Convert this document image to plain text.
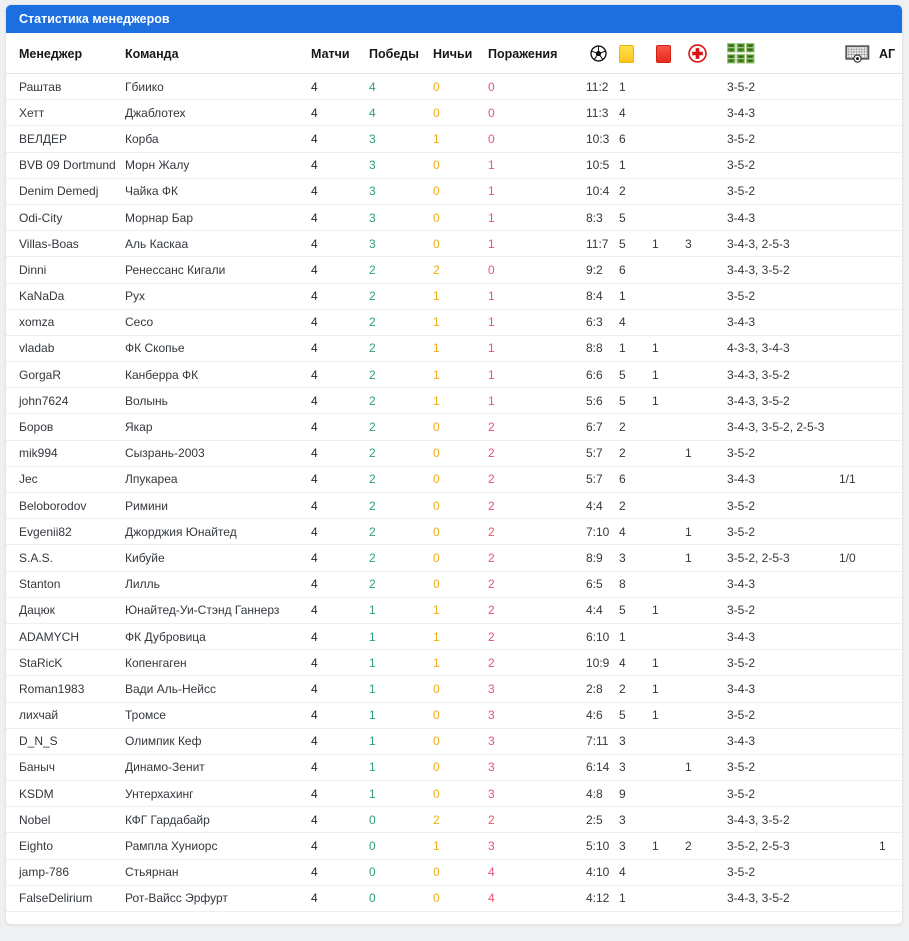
Статистика менеджеров
Менеджер	Команда	Матчи	Победы	Ничьи	Поражения							АГ
Раштав	Гбиико	4	4	0	0	11:2	1			3-5-2		
Хетт	Джаблотех	4	4	0	0	11:3	4			3-4-3		
ВЕЛДЕР	Корба	4	3	1	0	10:3	6			3-5-2		
BVB 09 Dortmund	Морн Жалу	4	3	0	1	10:5	1			3-5-2		
Denim Demedj	Чайка ФК	4	3	0	1	10:4	2			3-5-2		
Odi-City	Морнар Бар	4	3	0	1	8:3	5			3-4-3		
Villas-Boas	Аль Каскаа	4	3	0	1	11:7	5	1	3	3-4-3, 2-5-3		
Dinni	Ренессанс Кигали	4	2	2	0	9:2	6			3-4-3, 3-5-2		
KaNaDa	Рух	4	2	1	1	8:4	1			3-5-2		
xomza	Сесо	4	2	1	1	6:3	4			3-4-3		
vladab	ФК Скопье	4	2	1	1	8:8	1	1		4-3-3, 3-4-3		
GorgaR	Канберра ФК	4	2	1	1	6:6	5	1		3-4-3, 3-5-2		
john7624	Волынь	4	2	1	1	5:6	5	1		3-4-3, 3-5-2		
Боров	Якар	4	2	0	2	6:7	2			3-4-3, 3-5-2, 2-5-3		
mik994	Сызрань-2003	4	2	0	2	5:7	2		1	3-5-2		
Jec	Лпукареа	4	2	0	2	5:7	6			3-4-3	1/1	
Beloborodov	Римини	4	2	0	2	4:4	2			3-5-2		
Evgenii82	Джорджия Юнайтед	4	2	0	2	7:10	4		1	3-5-2		
S.A.S.	Кибуйе	4	2	0	2	8:9	3		1	3-5-2, 2-5-3	1/0	
Stanton	Лилль	4	2	0	2	6:5	8			3-4-3		
Дацюк	Юнайтед-Уи-Стэнд Ганнерз	4	1	1	2	4:4	5	1		3-5-2		
ADAMYCH	ФК Дубровица	4	1	1	2	6:10	1			3-4-3		
StaRicK	Копенгаген	4	1	1	2	10:9	4	1		3-5-2		
Roman1983	Вади Аль-Нейсс	4	1	0	3	2:8	2	1		3-4-3		
лихчай	Тромсе	4	1	0	3	4:6	5	1		3-5-2		
D_N_S	Олимпик Кеф	4	1	0	3	7:11	3			3-4-3		
Баныч	Динамо-Зенит	4	1	0	3	6:14	3		1	3-5-2		
KSDM	Унтерхахинг	4	1	0	3	4:8	9			3-5-2		
Nobel	КФГ Гардабайр	4	0	2	2	2:5	3			3-4-3, 3-5-2		
Eighto	Рампла Хуниорс	4	0	1	3	5:10	3	1	2	3-5-2, 2-5-3		1
jamp-786	Стьярнан	4	0	0	4	4:10	4			3-5-2		
FalseDelirium	Рот-Вайсс Эрфурт	4	0	0	4	4:12	1			3-4-3, 3-5-2		
